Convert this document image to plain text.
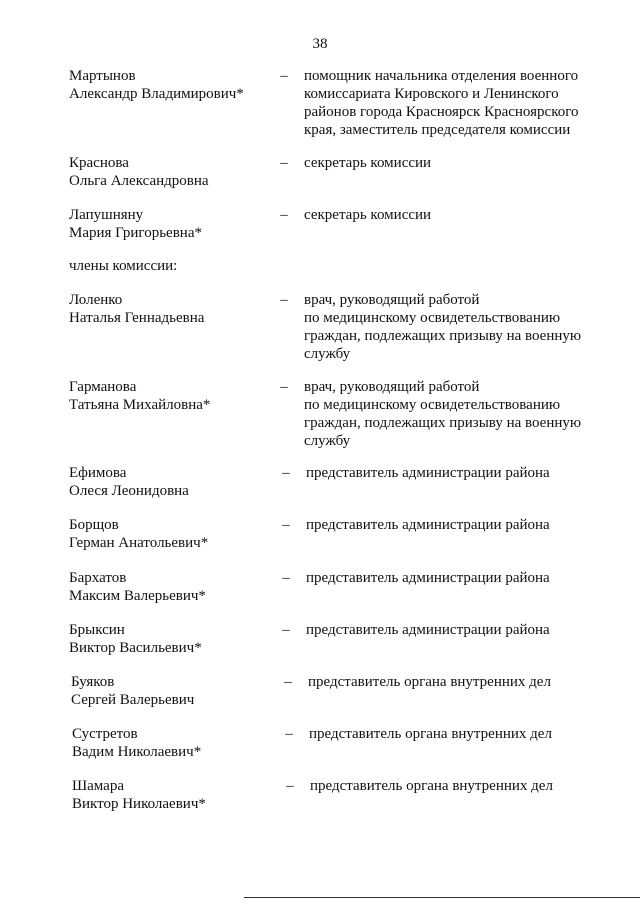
38
Мартынов
Александр Владимирович*
– помощник начальника отделения военного
комиссариата Кировского и Ленинского
районов города Красноярск Красноярского
края, заместитель председателя комиссии
Краснова
Ольга Александровна
– секретарь комиссии
Лапушняну
Мария Григорьевна*
– секретарь комиссии
члены комиссии:
Лоленко
Наталья Геннадьевна
– врач, руководящий работой
по медицинскому освидетельствованию
граждан, подлежащих призыву на военную
службу
Гарманова
Татьяна Михайловна*
– врач, руководящий работой
по медицинскому освидетельствованию
граждан, подлежащих призыву на военную
службу
Ефимова
Олеся Леонидовна
– представитель администрации района
Борщов
Герман Анатольевич*
– представитель администрации района
Бархатов
Максим Валерьевич*
– представитель администрации района
Брыксин
Виктор Васильевич*
– представитель администрации района
Буяков
Сергей Валерьевич
– представитель органа внутренних дел
Сустретов
Вадим Николаевич*
– представитель органа внутренних дел
Шамара
Виктор Николаевич*
– представитель органа внутренних дел
